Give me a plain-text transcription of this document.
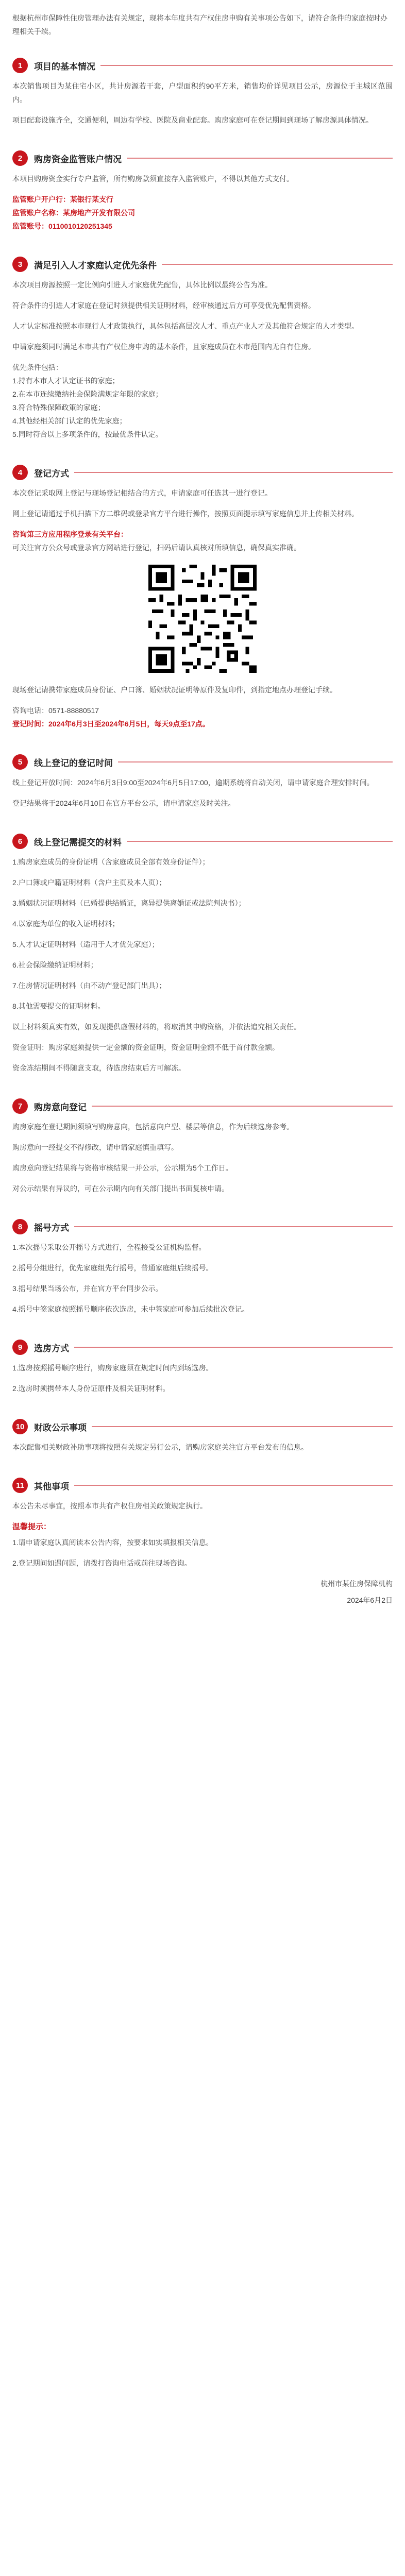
根据杭州市保障性住房管理办法有关规定，现将本年度共有产权住房申购有关事项公告如下，请符合条件的家庭按时办理相关手续。
1	项目的基本情况

本次销售项目为某住宅小区，共计房源若干套，户型面积约90平方米，销售均价详见项目公示，房源位于主城区范围内。

项目配套设施齐全，交通便利，周边有学校、医院及商业配套。购房家庭可在登记期间到现场了解房源具体情况。

2	购房资金监管账户情况

本项目购房资金实行专户监管，所有购房款须直接存入监管账户，不得以其他方式支付。

监管账户开户行：某银行某支行

监管账户名称：某房地产开发有限公司

监管账号：0110010120251345

3	满足引入人才家庭认定优先条件

本次项目房源按照一定比例向引进人才家庭优先配售，具体比例以最终公告为准。

符合条件的引进人才家庭在登记时须提供相关证明材料，经审核通过后方可享受优先配售资格。

人才认定标准按照本市现行人才政策执行，具体包括高层次人才、重点产业人才及其他符合规定的人才类型。

申请家庭须同时满足本市共有产权住房申购的基本条件，且家庭成员在本市范围内无自有住房。

优先条件包括：

1.持有本市人才认定证书的家庭；

2.在本市连续缴纳社会保险满规定年限的家庭；

3.符合特殊保障政策的家庭；

4.其他经相关部门认定的优先家庭；

5.同时符合以上多项条件的，按最优条件认定。

4	登记方式

本次登记采取网上登记与现场登记相结合的方式，申请家庭可任选其一进行登记。

网上登记请通过手机扫描下方二维码或登录官方平台进行操作，按照页面提示填写家庭信息并上传相关材料。

咨询第三方应用程序登录有关平台：

可关注官方公众号或登录官方网站进行登记，扫码后请认真核对所填信息，确保真实准确。

现场登记请携带家庭成员身份证、户口簿、婚姻状况证明等原件及复印件，到指定地点办理登记手续。

咨询电话：0571-88880517

登记时间：2024年6月3日至2024年6月5日，每天9点至17点。

5	线上登记的登记时间

线上登记开放时间：2024年6月3日9:00至2024年6月5日17:00，逾期系统将自动关闭，请申请家庭合理安排时间。

登记结果将于2024年6月10日在官方平台公示，请申请家庭及时关注。

6	线上登记需提交的材料

1.购房家庭成员的身份证明（含家庭成员全部有效身份证件）；

2.户口簿或户籍证明材料（含户主页及本人页）；

3.婚姻状况证明材料（已婚提供结婚证，离异提供离婚证或法院判决书）；

4.以家庭为单位的收入证明材料；

5.人才认定证明材料（适用于人才优先家庭）；

6.社会保险缴纳证明材料；

7.住房情况证明材料（由不动产登记部门出具）；

8.其他需要提交的证明材料。

以上材料须真实有效，如发现提供虚假材料的，将取消其申购资格，并依法追究相关责任。

资金证明：购房家庭须提供一定金额的资金证明，资金证明金额不低于首付款金额。

资金冻结期间不得随意支取，待选房结束后方可解冻。

7	购房意向登记

购房家庭在登记期间须填写购房意向，包括意向户型、楼层等信息，作为后续选房参考。

购房意向一经提交不得修改，请申请家庭慎重填写。

购房意向登记结果将与资格审核结果一并公示，公示期为5个工作日。

对公示结果有异议的，可在公示期内向有关部门提出书面复核申请。

8	摇号方式

1.本次摇号采取公开摇号方式进行，全程接受公证机构监督。

2.摇号分组进行，优先家庭组先行摇号，普通家庭组后续摇号。

3.摇号结果当场公布，并在官方平台同步公示。

4.摇号中签家庭按照摇号顺序依次选房，未中签家庭可参加后续批次登记。

9	选房方式

1.选房按照摇号顺序进行，购房家庭须在规定时间内到场选房。

2.选房时须携带本人身份证原件及相关证明材料。

10	财政公示事项

本次配售相关财政补助事项将按照有关规定另行公示，请购房家庭关注官方平台发布的信息。

11	其他事项

本公告未尽事宜，按照本市共有产权住房相关政策规定执行。

温馨提示：

1.请申请家庭认真阅读本公告内容，按要求如实填报相关信息。

2.登记期间如遇问题，请拨打咨询电话或前往现场咨询。

杭州市某住房保障机构
2024年6月2日
